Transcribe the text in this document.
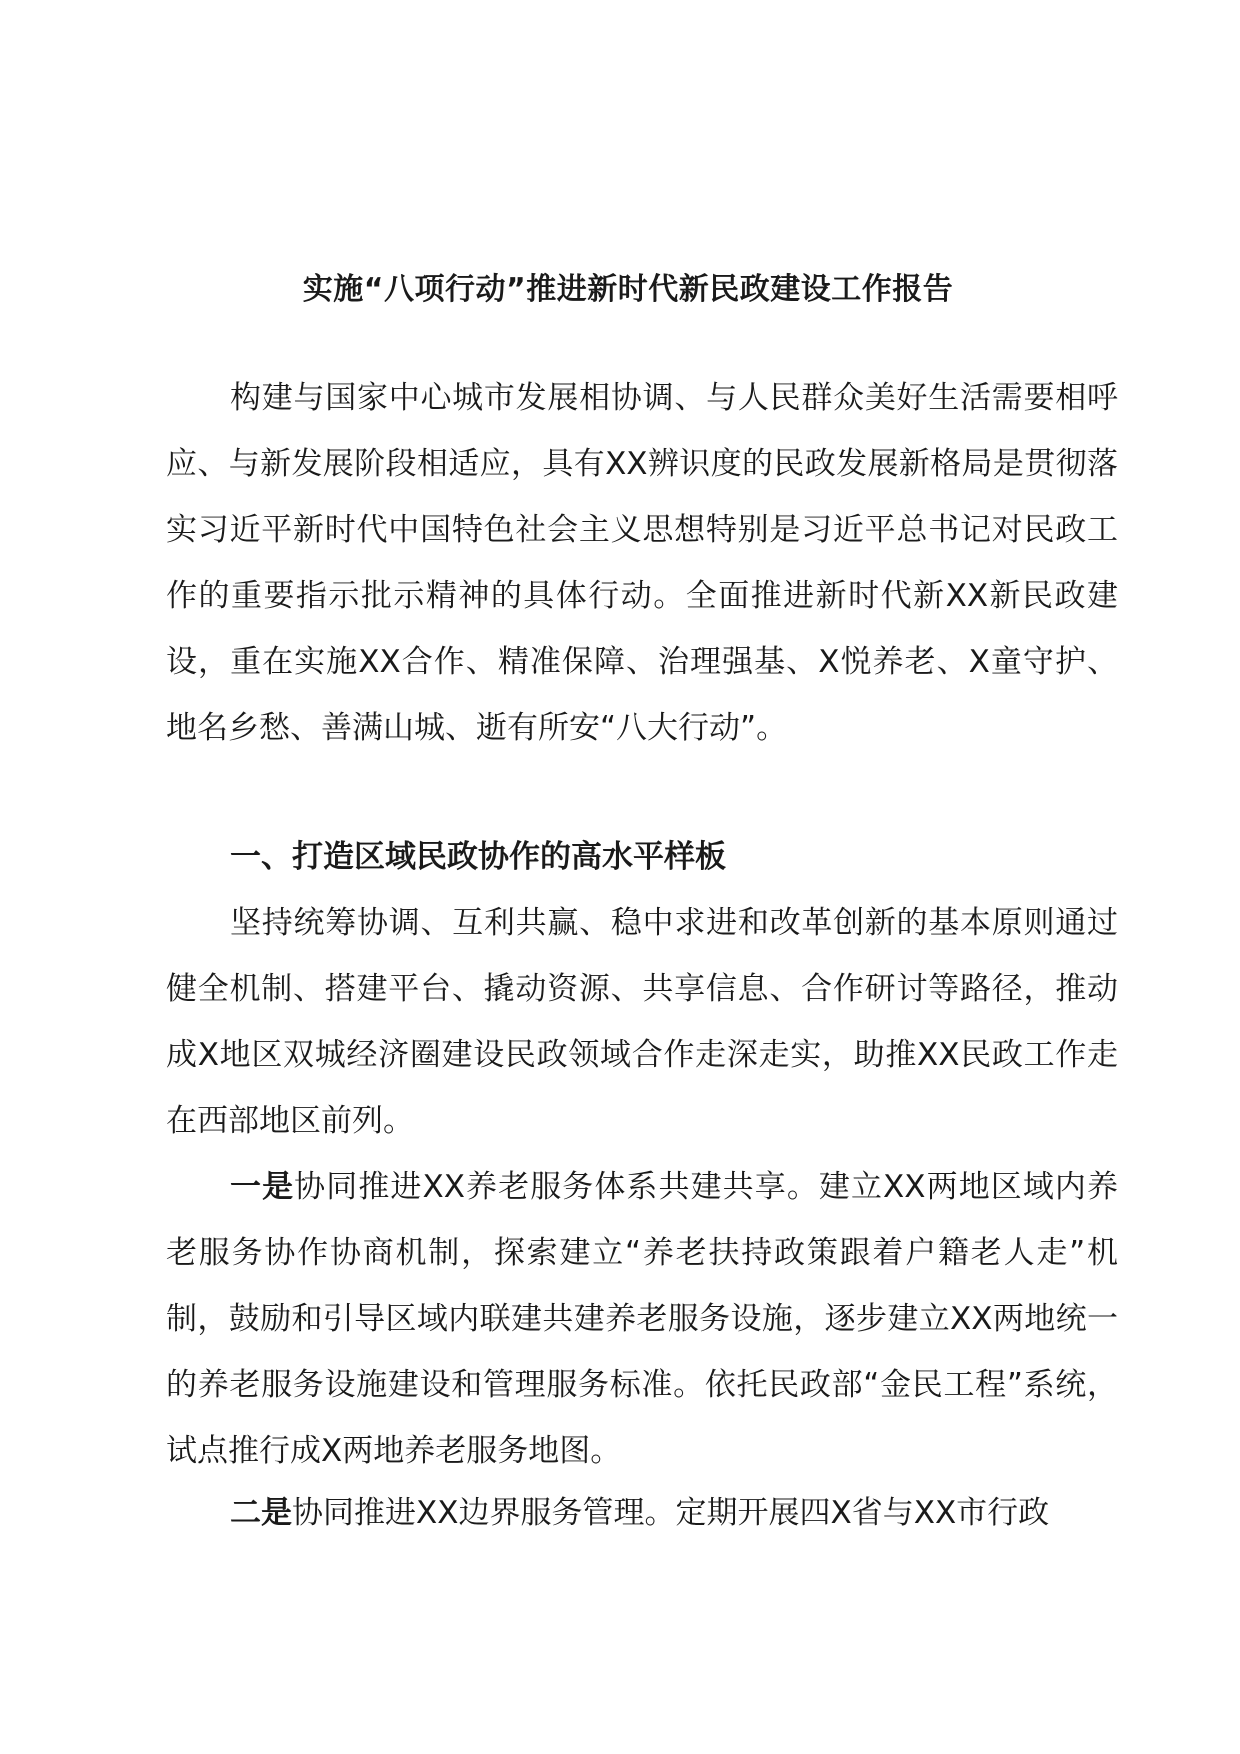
实施“八项行动”推进新时代新民政建设工作报告

构建与国家中心城市发展相协调、与人民群众美好生活需要相呼应、与新发展阶段相适应，具有XX辨识度的民政发展新格局是贯彻落实习近平新时代中国特色社会主义思想特别是习近平总书记对民政工作的重要指示批示精神的具体行动。全面推进新时代新XX新民政建设，重在实施XX合作、精准保障、治理强基、X悦养老、X童守护、地名乡愁、善满山城、逝有所安“八大行动”。

一、打造区域民政协作的高水平样板

坚持统筹协调、互利共赢、稳中求进和改革创新的基本原则通过健全机制、搭建平台、撬动资源、共享信息、合作研讨等路径，推动成X地区双城经济圈建设民政领域合作走深走实，助推XX民政工作走在西部地区前列。

一是协同推进XX养老服务体系共建共享。建立XX两地区域内养老服务协作协商机制，探索建立“养老扶持政策跟着户籍老人走”机制，鼓励和引导区域内联建共建养老服务设施，逐步建立XX两地统一的养老服务设施建设和管理服务标准。依托民政部“金民工程”系统，试点推行成X两地养老服务地图。

二是协同推进XX边界服务管理。定期开展四X省与XX市行政
